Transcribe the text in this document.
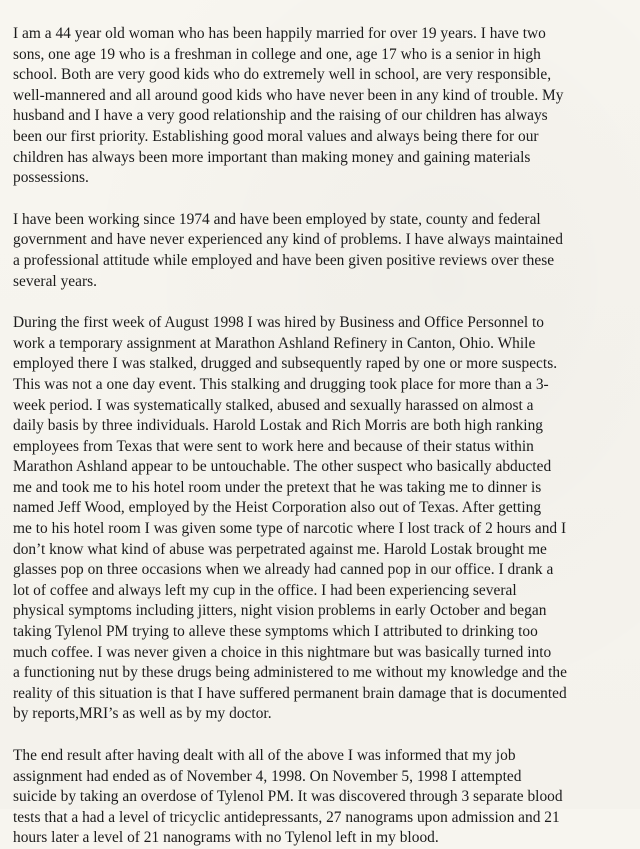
I am a 44 year old woman who has been happily married for over 19 years. I have two
sons, one age 19 who is a freshman in college and one, age 17 who is a senior in high
school. Both are very good kids who do extremely well in school, are very responsible,
well-mannered and all around good kids who have never been in any kind of trouble. My
husband and I have a very good relationship and the raising of our children has always
been our first priority. Establishing good moral values and always being there for our
children has always been more important than making money and gaining materials
possessions.
I have been working since 1974 and have been employed by state, county and federal
government and have never experienced any kind of problems. I have always maintained
a professional attitude while employed and have been given positive reviews over these
several years.
During the first week of August 1998 I was hired by Business and Office Personnel to
work a temporary assignment at Marathon Ashland Refinery in Canton, Ohio. While
employed there I was stalked, drugged and subsequently raped by one or more suspects.
This was not a one day event. This stalking and drugging took place for more than a 3-
week period. I was systematically stalked, abused and sexually harassed on almost a
daily basis by three individuals. Harold Lostak and Rich Morris are both high ranking
employees from Texas that were sent to work here and because of their status within
Marathon Ashland appear to be untouchable. The other suspect who basically abducted
me and took me to his hotel room under the pretext that he was taking me to dinner is
named Jeff Wood, employed by the Heist Corporation also out of Texas. After getting
me to his hotel room I was given some type of narcotic where I lost track of 2 hours and I
don’t know what kind of abuse was perpetrated against me. Harold Lostak brought me
glasses pop on three occasions when we already had canned pop in our office. I drank a
lot of coffee and always left my cup in the office. I had been experiencing several
physical symptoms including jitters, night vision problems in early October and began
taking Tylenol PM trying to alleve these symptoms which I attributed to drinking too
much coffee. I was never given a choice in this nightmare but was basically turned into
a functioning nut by these drugs being administered to me without my knowledge and the
reality of this situation is that I have suffered permanent brain damage that is documented
by reports,MRI’s as well as by my doctor.
The end result after having dealt with all of the above I was informed that my job
assignment had ended as of November 4, 1998. On November 5, 1998 I attempted
suicide by taking an overdose of Tylenol PM. It was discovered through 3 separate blood
tests that a had a level of tricyclic antidepressants, 27 nanograms upon admission and 21
hours later a level of 21 nanograms with no Tylenol left in my blood.
